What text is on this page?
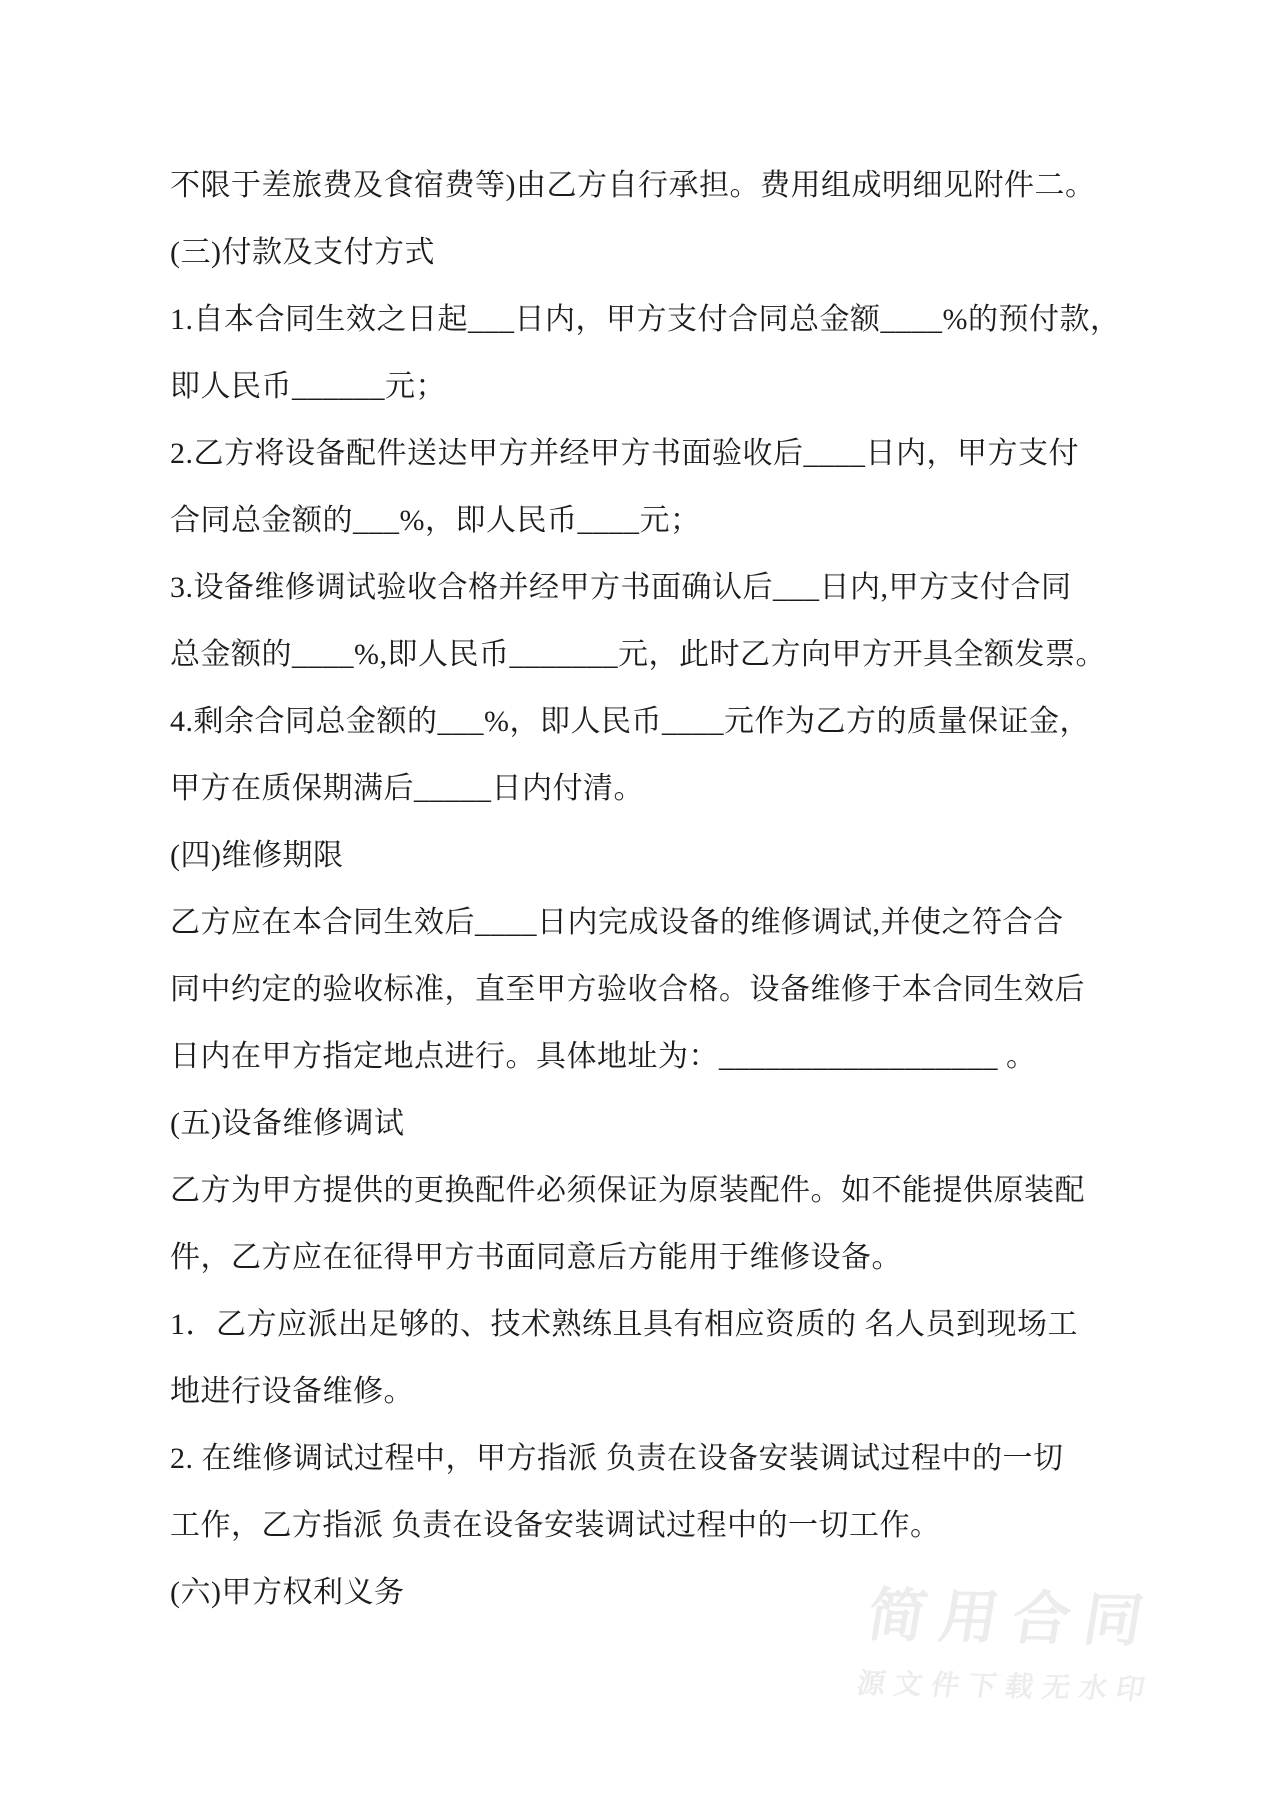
不限于差旅费及食宿费等)由乙方自行承担。费用组成明细见附件二。
(三)付款及支付方式
1.自本合同生效之日起___日内，甲方支付合同总金额____%的预付款，
即人民币______元；
2.乙方将设备配件送达甲方并经甲方书面验收后____日内，甲方支付
合同总金额的___%，即人民币____元；
3.设备维修调试验收合格并经甲方书面确认后___日内,甲方支付合同
总金额的____%,即人民币_______元，此时乙方向甲方开具全额发票。
4.剩余合同总金额的___%，即人民币____元作为乙方的质量保证金，
甲方在质保期满后_____日内付清。
(四)维修期限
乙方应在本合同生效后____日内完成设备的维修调试,并使之符合合
同中约定的验收标准，直至甲方验收合格。设备维修于本合同生效后
日内在甲方指定地点进行。具体地址为：__________________ 。
(五)设备维修调试
乙方为甲方提供的更换配件必须保证为原装配件。如不能提供原装配
件，乙方应在征得甲方书面同意后方能用于维修设备。
1．乙方应派出足够的、技术熟练且具有相应资质的 名人员到现场工
地进行设备维修。
2. 在维修调试过程中，甲方指派 负责在设备安装调试过程中的一切
工作，乙方指派 负责在设备安装调试过程中的一切工作。
(六)甲方权利义务	简用合同
源文件下载无水印
